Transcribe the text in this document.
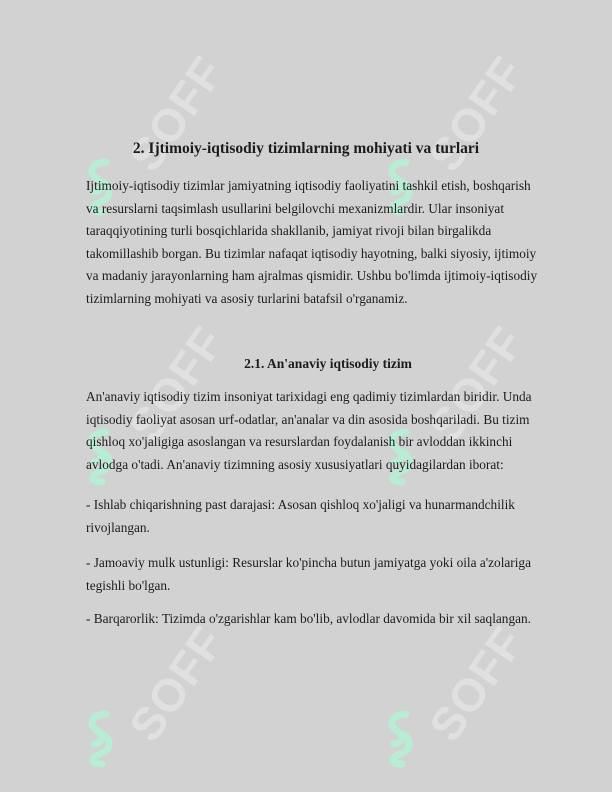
SOFF	SOFF
SOFF	SOFF
SOFF	SOFF
2. Ijtimoiy-iqtisodiy tizimlarning mohiyati va turlari

Ijtimoiy-iqtisodiy tizimlar jamiyatning iqtisodiy faoliyatini tashkil etish, boshqarish
va resurslarni taqsimlash usullarini belgilovchi mexanizmlardir. Ular insoniyat
taraqqiyotining turli bosqichlarida shakllanib, jamiyat rivoji bilan birgalikda
takomillashib borgan. Bu tizimlar nafaqat iqtisodiy hayotning, balki siyosiy, ijtimoiy
va madaniy jarayonlarning ham ajralmas qismidir. Ushbu bo'limda ijtimoiy-iqtisodiy
tizimlarning mohiyati va asosiy turlarini batafsil o'rganamiz.

2.1. An'anaviy iqtisodiy tizim

An'anaviy iqtisodiy tizim insoniyat tarixidagi eng qadimiy tizimlardan biridir. Unda
iqtisodiy faoliyat asosan urf-odatlar, an'analar va din asosida boshqariladi. Bu tizim
qishloq xo'jaligiga asoslangan va resurslardan foydalanish bir avloddan ikkinchi
avlodga o'tadi. An'anaviy tizimning asosiy xususiyatlari quyidagilardan iborat:

- Ishlab chiqarishning past darajasi: Asosan qishloq xo'jaligi va hunarmandchilik
rivojlangan.

- Jamoaviy mulk ustunligi: Resurslar ko'pincha butun jamiyatga yoki oila a'zolariga
tegishli bo'lgan.

- Barqarorlik: Tizimda o'zgarishlar kam bo'lib, avlodlar davomida bir xil saqlangan.
